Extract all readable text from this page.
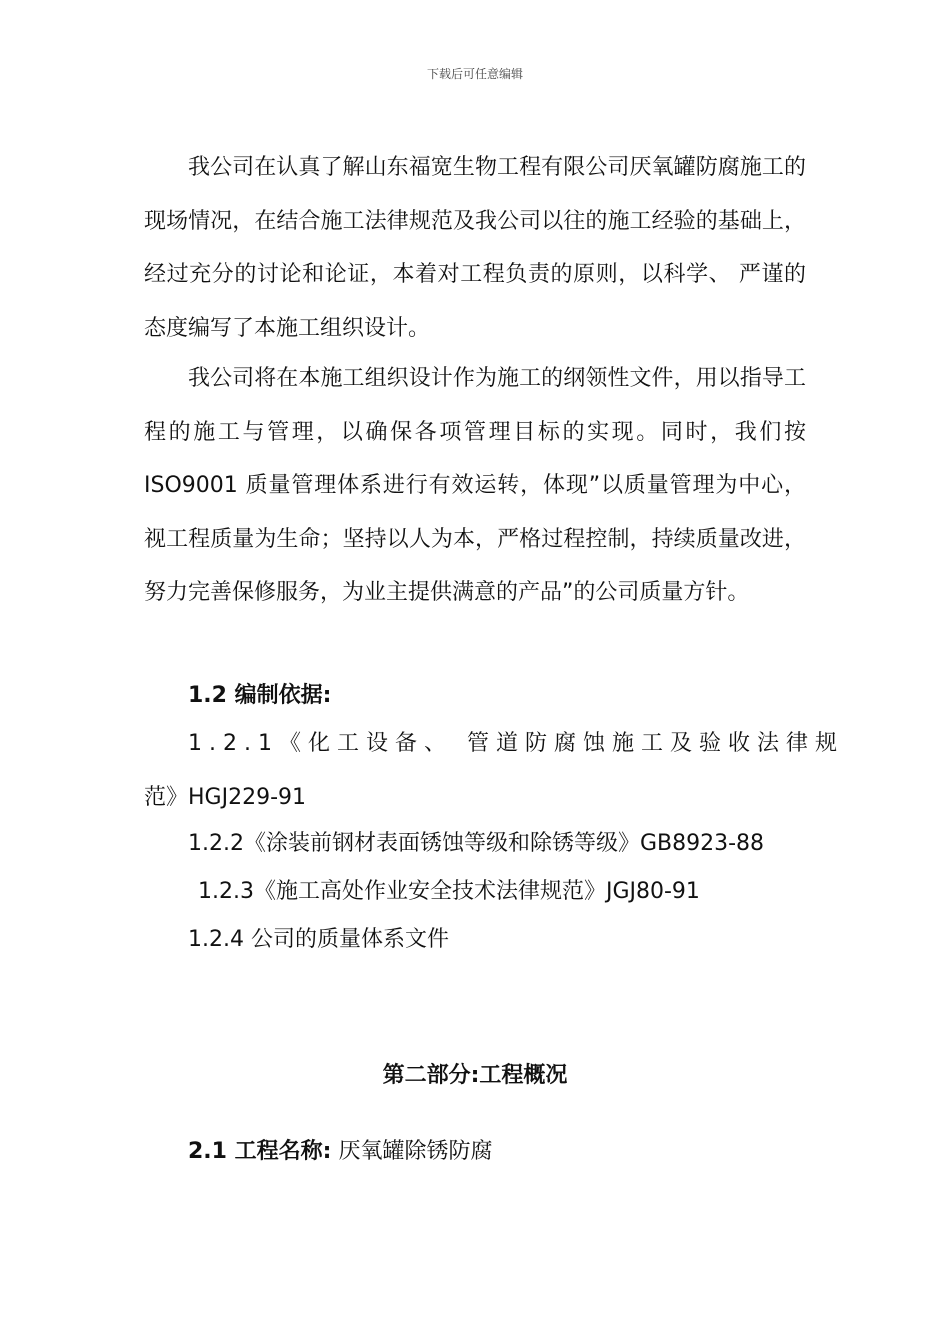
下载后可任意编辑

我公司在认真了解山东福宽生物工程有限公司厌氧罐防腐施工的现场情况，在结合施工法律规范及我公司以往的施工经验的基础上，经过充分的讨论和论证，本着对工程负责的原则，以科学、 严谨的态度编写了本施工组织设计。

我公司将在本施工组织设计作为施工的纲领性文件，用以指导工程的施工与管理，以确保各项管理目标的实现。同时，我们按 ISO9001 质量管理体系进行有效运转，体现”以质量管理为中心，视工程质量为生命；坚持以人为本，严格过程控制，持续质量改进，努力完善保修服务，为业主提供满意的产品”的公司质量方针。

1.2 编制依据:
1.2.1《化工设备、 管道防腐蚀施工及验收法律规
范》HGJ229-91
1.2.2《涂装前钢材表面锈蚀等级和除锈等级》GB8923-88
1.2.3《施工高处作业安全技术法律规范》JGJ80-91
1.2.4 公司的质量体系文件
2.1 工程名称: 厌氧罐除锈防腐
第二部分:工程概况
